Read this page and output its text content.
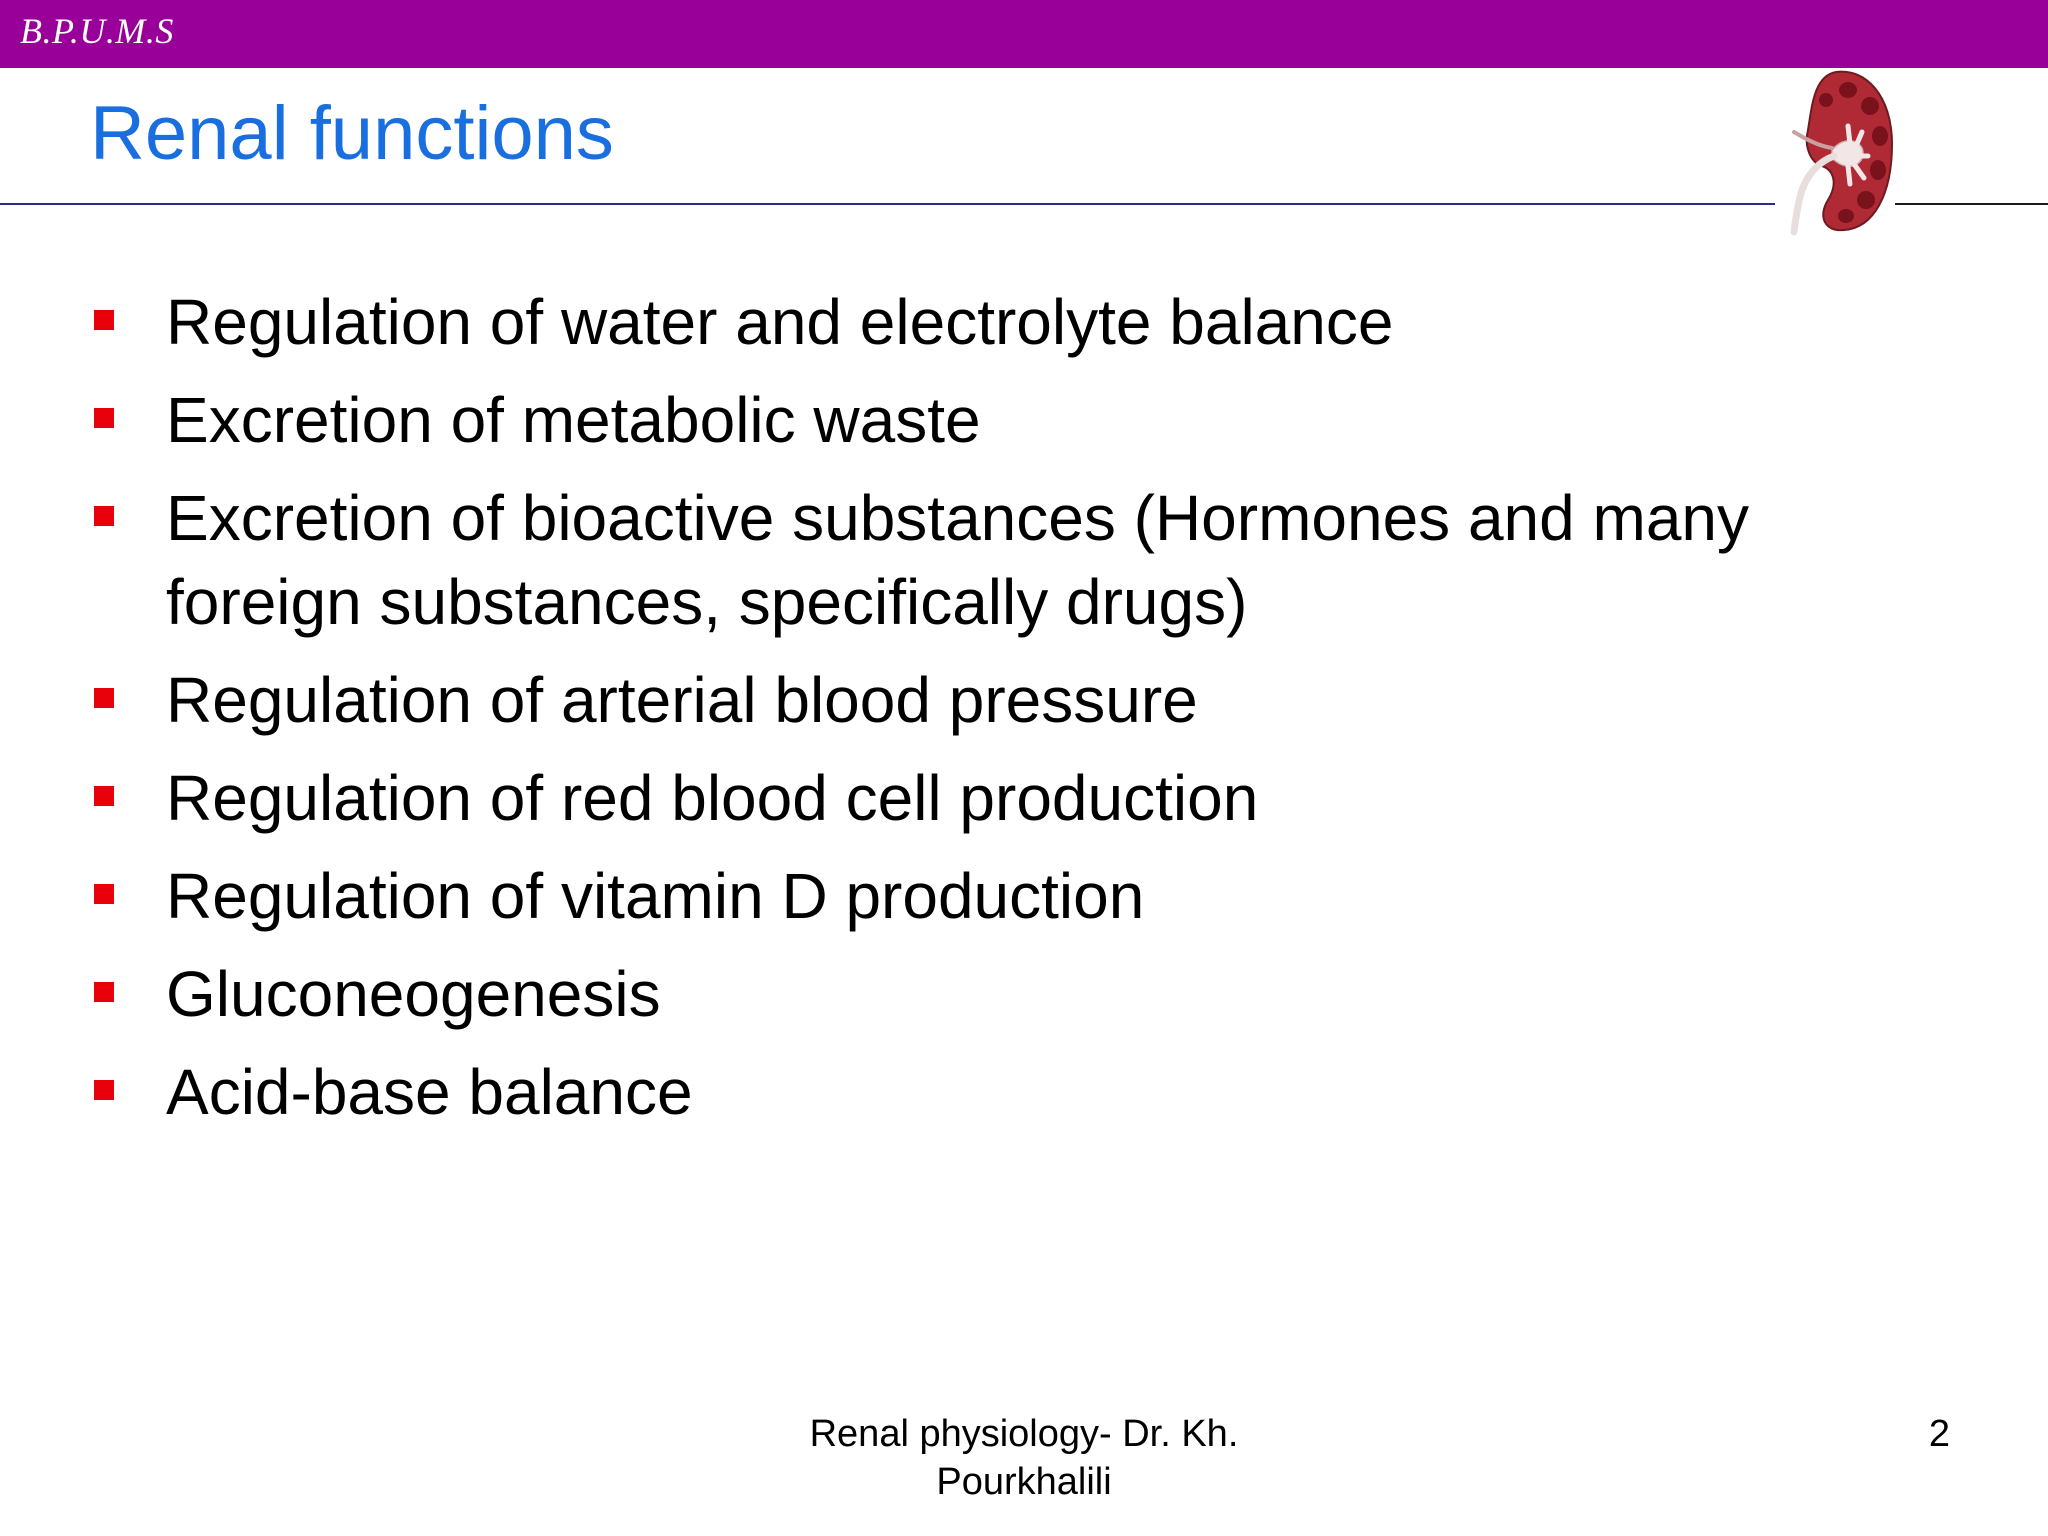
B.P.U.M.S
Renal functions
Regulation of water and electrolyte balance
Excretion of metabolic waste
Excretion of bioactive substances (Hormones and many foreign substances, specifically drugs)
Regulation of arterial blood pressure
Regulation of red blood cell production
Regulation of vitamin D production
Gluconeogenesis
Acid-base balance
Renal physiology- Dr. Kh. Pourkhalili
2
